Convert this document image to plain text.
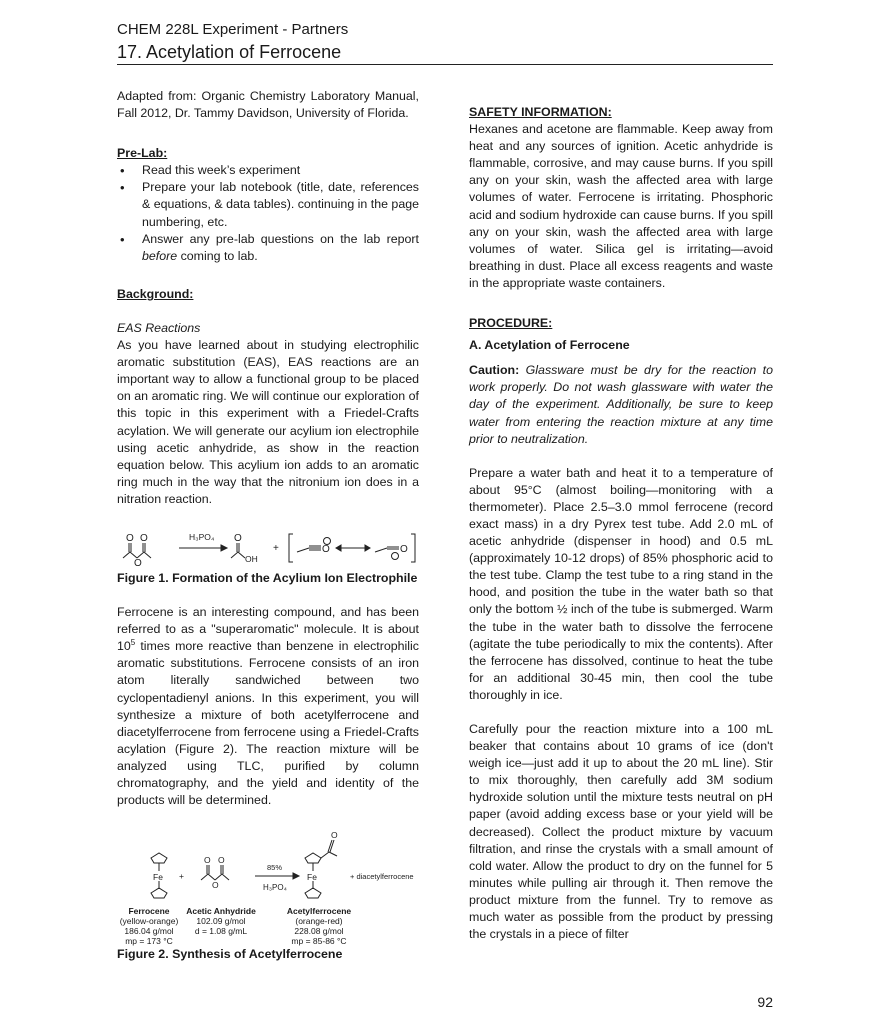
CHEM 228L Experiment - Partners
17. Acetylation of Ferrocene

Adapted from: Organic Chemistry Laboratory Manual, Fall 2012, Dr. Tammy Davidson, University of Florida.

Pre-Lab:

• Read this week’s experiment
• Prepare your lab notebook (title, date, references & equations, & data tables). continuing in the page numbering, etc.
• Answer any pre-lab questions on the lab report before coming to lab.

Background:

EAS Reactions

As you have learned about in studying electrophilic aromatic substitution (EAS), EAS reactions are an important way to allow a functional group to be placed on an aromatic ring. We will continue our exploration of this topic in this experiment with a Friedel-Crafts acylation. We will generate our acylium ion electrophile using acetic anhydride, as show in the reaction equation below. This acylium ion adds to an aromatic ring much in the way that the nitronium ion does in a nitration reaction.

O O
O
O
OH
H₃PO₄
+	O	O

Figure 1. Formation of the Acylium Ion Electrophile

Ferrocene is an interesting compound, and has been referred to as a "superaromatic" molecule. It is about $10^5$ times more reactive than benzene in electrophilic aromatic substitutions. Ferrocene consists of an iron atom literally sandwiched between two cyclopentadienyl anions. In this experiment, you will synthesize a mixture of both acetylferrocene and diacetylferrocene from ferrocene using a Friedel-Crafts acylation (Figure 2). The reaction mixture will be analyzed using TLC, purified by column chromatography, and the yield and identity of the products will be determined.

Fe +
O O
O
85%
H₃PO₄
Fe
O
+ diacetylferrocene
Ferrocene
(yellow-orange)
186.04 g/mol
mp = 173 °C
Acetic Anhydride
102.09 g/mol
d = 1.08 g/mL
Acetylferrocene
(orange-red)
228.08 g/mol
mp = 85-86 °C

Figure 2. Synthesis of Acetylferrocene

SAFETY INFORMATION:

Hexanes and acetone are flammable. Keep away from heat and any sources of ignition. Acetic anhydride is flammable, corrosive, and may cause burns. If you spill any on your skin, wash the affected area with large volumes of water. Ferrocene is irritating. Phosphoric acid and sodium hydroxide can cause burns. If you spill any on your skin, wash the affected area with large volumes of water. Silica gel is irritating—avoid breathing in dust. Place all excess reagents and waste in the appropriate waste containers.

PROCEDURE:

A. Acetylation of Ferrocene

Caution: Glassware must be dry for the reaction to work properly. Do not wash glassware with water the day of the experiment. Additionally, be sure to keep water from entering the reaction mixture at any time prior to neutralization.

Prepare a water bath and heat it to a temperature of about 95°C (almost boiling—monitoring with a thermometer). Place 2.5–3.0 mmol ferrocene (record exact mass) in a dry Pyrex test tube. Add 2.0 mL of acetic anhydride (dispenser in hood) and 0.5 mL (approximately 10-12 drops) of 85% phosphoric acid to the test tube. Clamp the test tube to a ring stand in the hood, and position the tube in the water bath so that only the bottom ½ inch of the tube is submerged. Warm the tube in the water bath to dissolve the ferrocene (agitate the tube periodically to mix the contents). After the ferrocene has dissolved, continue to heat the tube for an additional 30-45 min, then cool the tube thoroughly in ice.

Carefully pour the reaction mixture into a 100 mL beaker that contains about 10 grams of ice (don't weigh ice—just add it up to about the 20 mL line). Stir to mix thoroughly, then carefully add 3M sodium hydroxide solution until the mixture tests neutral on pH paper (avoid adding excess base or your yield will be decreased). Collect the product mixture by vacuum filtration, and rinse the crystals with a small amount of cold water. Allow the product to dry on the funnel for 5 minutes while pulling air through it. Then remove the product mixture from the funnel. Try to remove as much water as possible from the product by pressing the crystals in a piece of filter

92
